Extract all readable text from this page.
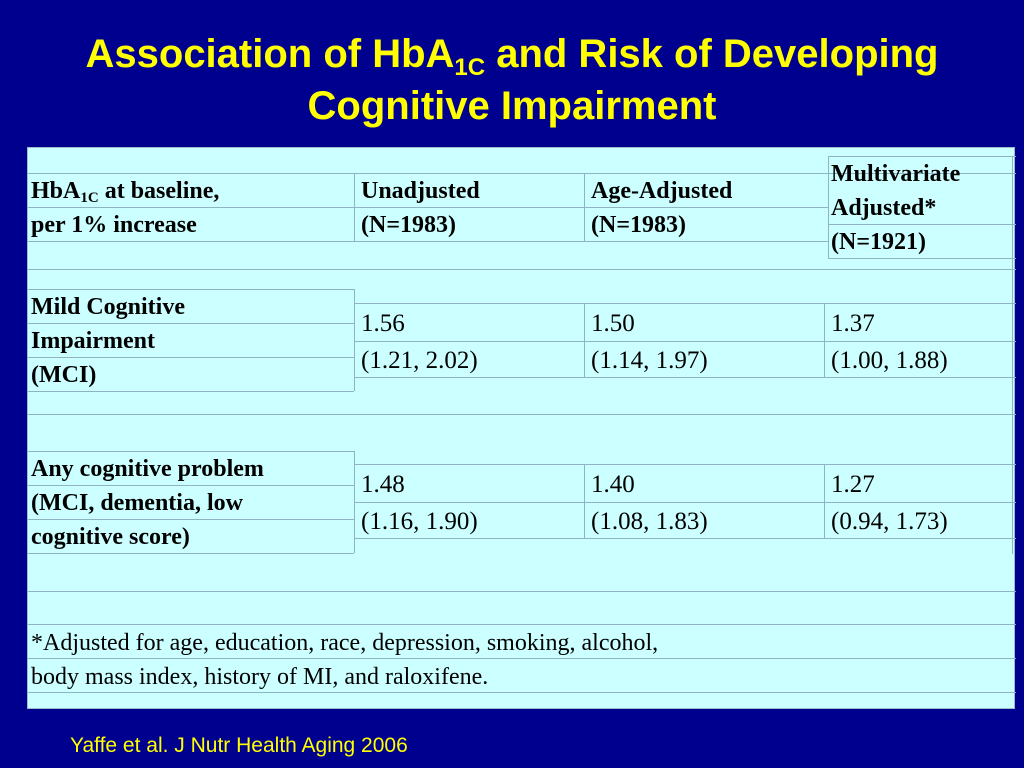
Association of HbA$_{1C}$ and Risk of Developing
Cognitive Impairment
HbA$_{1C}$ at baseline,
per 1% increase
Unadjusted
(N=1983)
Age-Adjusted
(N=1983)
Multivariate
Adjusted*
(N=1921)
Mild Cognitive
Impairment
(MCI)
1.56
(1.21, 2.02)
1.50
(1.14, 1.97)
1.37
(1.00, 1.88)
Any cognitive problem
(MCI, dementia, low
cognitive score)
1.48
(1.16, 1.90)
1.40
(1.08, 1.83)
1.27
(0.94, 1.73)
*Adjusted for age, education, race, depression, smoking, alcohol,
body mass index, history of MI, and raloxifene.
Yaffe et al. J Nutr Health Aging 2006
